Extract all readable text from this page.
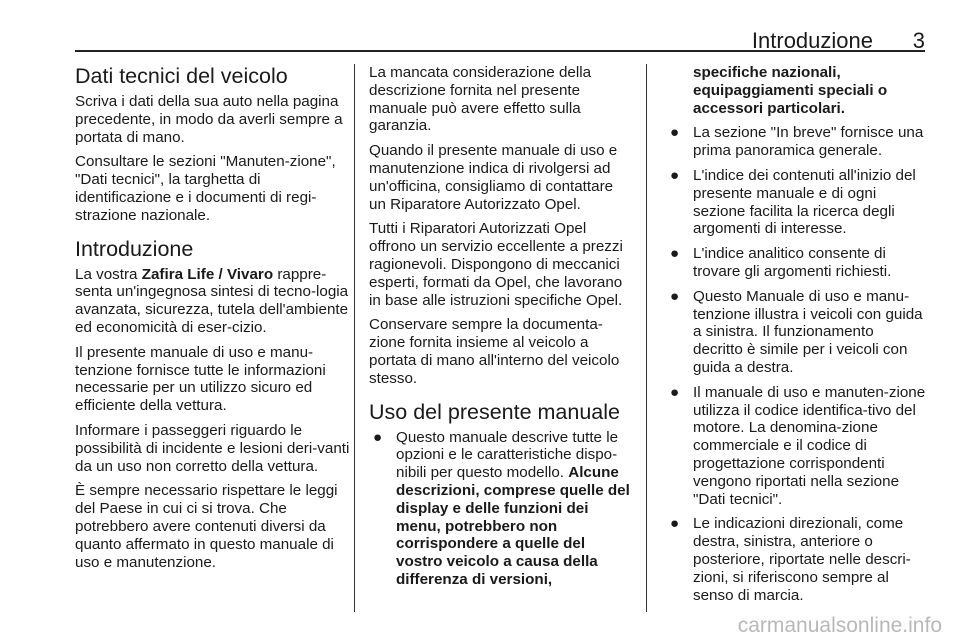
Introduzione 3
Dati tecnici del veicolo

Scriva i dati della sua auto nella pagina precedente, in modo da averli sempre a portata di mano.

Consultare le sezioni "Manuten-zione", "Dati tecnici", la targhetta di identificazione e i documenti di regi-strazione nazionale.

Introduzione

La vostra Zafira Life / Vivaro rappre-senta un'ingegnosa sintesi di tecno-logia avanzata, sicurezza, tutela dell'ambiente ed economicità di eser-cizio.

Il presente manuale di uso e manu-tenzione fornisce tutte le informazioni necessarie per un utilizzo sicuro ed efficiente della vettura.

Informare i passeggeri riguardo le possibilità di incidente e lesioni deri-vanti da un uso non corretto della vettura.

È sempre necessario rispettare le leggi del Paese in cui ci si trova. Che potrebbero avere contenuti diversi da quanto affermato in questo manuale di uso e manutenzione.

La mancata considerazione della descrizione fornita nel presente manuale può avere effetto sulla garanzia.

Quando il presente manuale di uso e manutenzione indica di rivolgersi ad un'officina, consigliamo di contattare un Riparatore Autorizzato Opel.

Tutti i Riparatori Autorizzati Opel offrono un servizio eccellente a prezzi ragionevoli. Dispongono di meccanici esperti, formati da Opel, che lavorano in base alle istruzioni specifiche Opel.

Conservare sempre la documenta-zione fornita insieme al veicolo a portata di mano all'interno del veicolo stesso.

Uso del presente manuale
● Questo manuale descrive tutte le opzioni e le caratteristiche dispo-nibili per questo modello. Alcune descrizioni, comprese quelle del display e delle funzioni dei menu, potrebbero non corrispondere a quelle del vostro veicolo a causa della differenza di versioni,
specifiche nazionali, equipaggiamenti speciali o accessori particolari.
● La sezione "In breve" fornisce una prima panoramica generale.
● L'indice dei contenuti all'inizio del presente manuale e di ogni sezione facilita la ricerca degli argomenti di interesse.
● L'indice analitico consente di trovare gli argomenti richiesti.
● Questo Manuale di uso e manu-tenzione illustra i veicoli con guida a sinistra. Il funzionamento decritto è simile per i veicoli con guida a destra.
● Il manuale di uso e manuten-zione utilizza il codice identifica-tivo del motore. La denomina-zione commerciale e il codice di progettazione corrispondenti vengono riportati nella sezione "Dati tecnici".
● Le indicazioni direzionali, come destra, sinistra, anteriore o posteriore, riportate nelle descri-zioni, si riferiscono sempre al senso di marcia.
carmanualsonline.info
